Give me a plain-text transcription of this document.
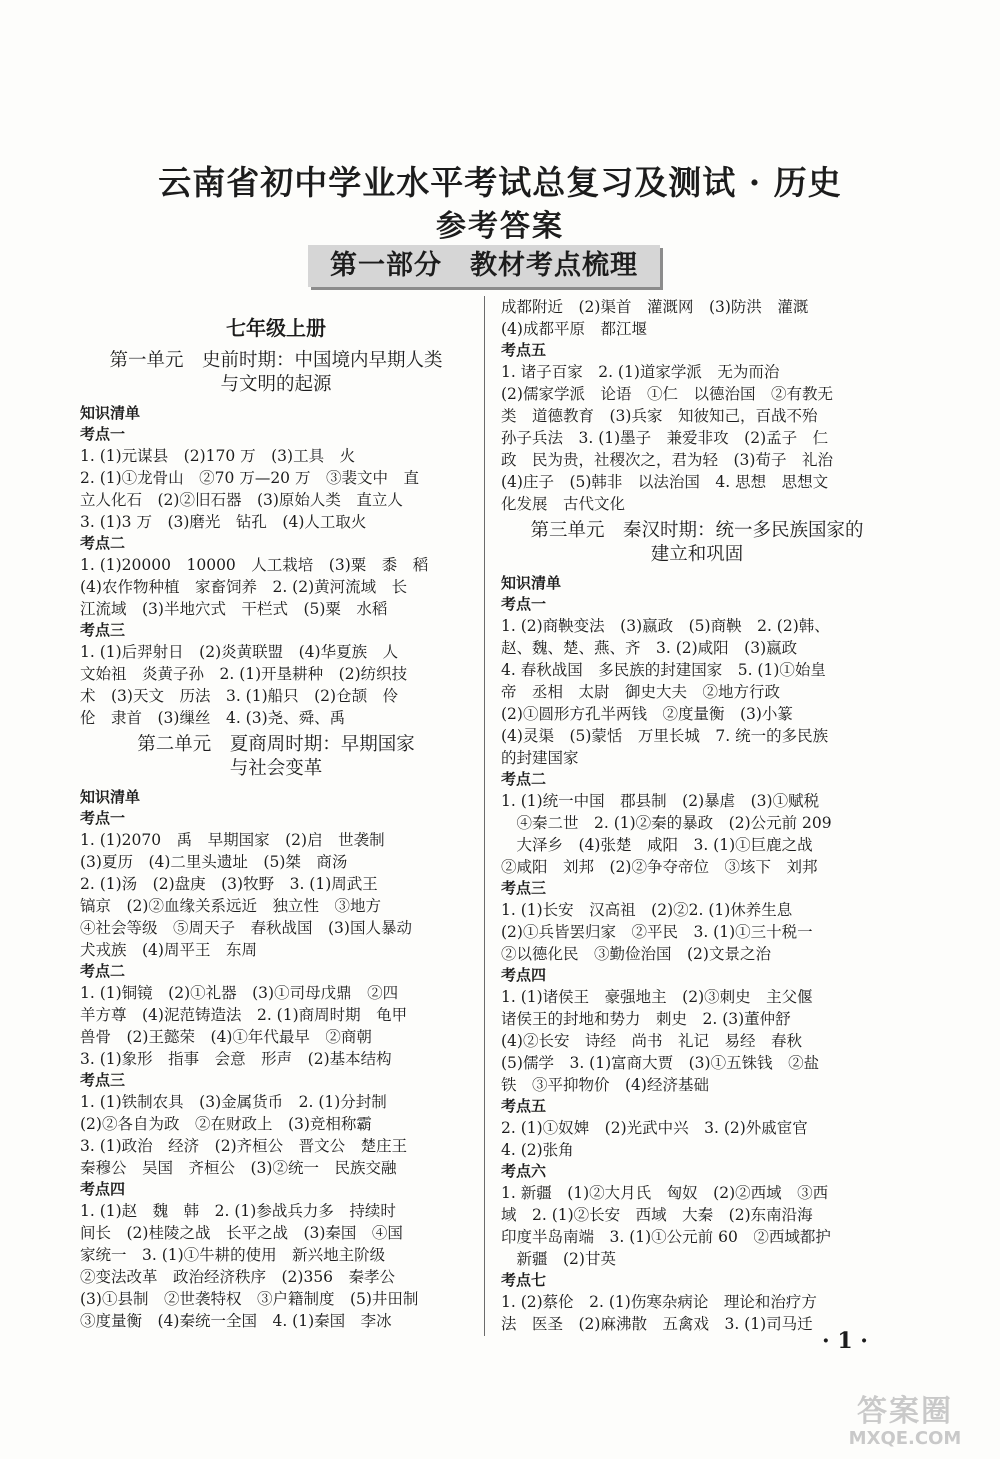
云南省初中学业水平考试总复习及测试 · 历史
参考答案
第一部分　教材考点梳理
七年级上册
第一单元　史前时期：中国境内早期人类
与文明的起源
知识清单
考点一
1. (1)元谋县　(2)170 万　(3)工具　火
2. (1)①龙骨山　②70 万—20 万　③裴文中　直
立人化石　(2)②旧石器　(3)原始人类　直立人
3. (1)3 万　(3)磨光　钻孔　(4)人工取火
考点二
1. (1)20000　10000　人工栽培　(3)粟　黍　稻
(4)农作物种植　家畜饲养　2. (2)黄河流域　长
江流域　(3)半地穴式　干栏式　(5)粟　水稻
考点三
1. (1)后羿射日　(2)炎黄联盟　(4)华夏族　人
文始祖　炎黄子孙　2. (1)开垦耕种　(2)纺织技
术　(3)天文　历法　3. (1)船只　(2)仓颉　伶
伦　隶首　(3)缫丝　4. (3)尧、舜、禹
第二单元　夏商周时期：早期国家
与社会变革
知识清单
考点一
1. (1)2070　禹　早期国家　(2)启　世袭制
(3)夏历　(4)二里头遗址　(5)桀　商汤
2. (1)汤　(2)盘庚　(3)牧野　3. (1)周武王
镐京　(2)②血缘关系远近　独立性　③地方
④社会等级　⑤周天子　春秋战国　(3)国人暴动
犬戎族　(4)周平王　东周
考点二
1. (1)铜镜　(2)①礼器　(3)①司母戊鼎　②四
羊方尊　(4)泥范铸造法　2. (1)商周时期　龟甲
兽骨　(2)王懿荣　(4)①年代最早　②商朝
3. (1)象形　指事　会意　形声　(2)基本结构
考点三
1. (1)铁制农具　(3)金属货币　2. (1)分封制
(2)②各自为政　②在财政上　(3)竞相称霸
3. (1)政治　经济　(2)齐桓公　晋文公　楚庄王
秦穆公　吴国　齐桓公　(3)②统一　民族交融
考点四
1. (1)赵　魏　韩　2. (1)参战兵力多　持续时
间长　(2)桂陵之战　长平之战　(3)秦国　④国
家统一　3. (1)①牛耕的使用　新兴地主阶级
②变法改革　政治经济秩序　(2)356　秦孝公
(3)①县制　②世袭特权　③户籍制度　(5)井田制
③度量衡　(4)秦统一全国　4. (1)秦国　李冰
成都附近　(2)渠首　灌溉网　(3)防洪　灌溉
(4)成都平原　都江堰
考点五
1. 诸子百家　2. (1)道家学派　无为而治
(2)儒家学派　论语　①仁　以德治国　②有教无
类　道德教育　(3)兵家　知彼知己，百战不殆
孙子兵法　3. (1)墨子　兼爱非攻　(2)孟子　仁
政　民为贵，社稷次之，君为轻　(3)荀子　礼治
(4)庄子　(5)韩非　以法治国　4. 思想　思想文
化发展　古代文化
第三单元　秦汉时期：统一多民族国家的
建立和巩固
知识清单
考点一
1. (2)商鞅变法　(3)嬴政　(5)商鞅　2. (2)韩、
赵、魏、楚、燕、齐　3. (2)咸阳　(3)嬴政
4. 春秋战国　多民族的封建国家　5. (1)①始皇
帝　丞相　太尉　御史大夫　②地方行政
(2)①圆形方孔半两钱　②度量衡　(3)小篆
(4)灵渠　(5)蒙恬　万里长城　7. 统一的多民族
的封建国家
考点二
1. (1)统一中国　郡县制　(2)暴虐　(3)①赋税
　④秦二世　2. (1)②秦的暴政　(2)公元前 209
　大泽乡　(4)张楚　咸阳　3. (1)①巨鹿之战
②咸阳　刘邦　(2)②争夺帝位　③垓下　刘邦
考点三
1. (1)长安　汉高祖　(2)②2. (1)休养生息
(2)①兵皆罢归家　②平民　3. (1)①三十税一
②以德化民　③勤俭治国　(2)文景之治
考点四
1. (1)诸侯王　豪强地主　(2)③刺史　主父偃
诸侯王的封地和势力　刺史　2. (3)董仲舒
(4)②长安　诗经　尚书　礼记　易经　春秋
(5)儒学　3. (1)富商大贾　(3)①五铢钱　②盐
铁　③平抑物价　(4)经济基础
考点五
2. (1)①奴婢　(2)光武中兴　3. (2)外戚宦官
4. (2)张角
考点六
1. 新疆　(1)②大月氏　匈奴　(2)②西域　③西
域　2. (1)②长安　西域　大秦　(2)东南沿海
印度半岛南端　3. (1)①公元前 60　②西域都护
　新疆　(2)甘英
考点七
1. (2)蔡伦　2. (1)伤寒杂病论　理论和治疗方
法　医圣　(2)麻沸散　五禽戏　3. (1)司马迁
· 1 ·
答案圈
MXQE.COM
